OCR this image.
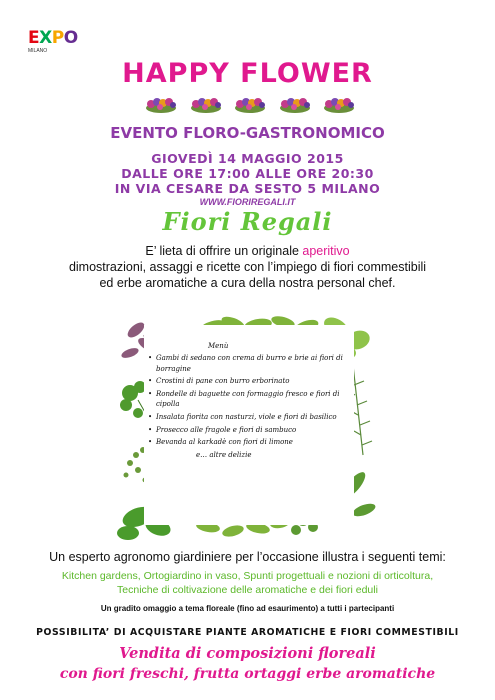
EXPO
MILANO
HAPPY FLOWER
EVENTO FLORO-GASTRONOMICO
GIOVEDÌ 14 MAGGIO 2015
DALLE ORE 17:00 ALLE ORE 20:30
IN VIA CESARE DA SESTO 5 MILANO
WWW.FIORIREGALI.IT
Fiori Regali
E’ lieta di offrire un originale aperitivo
dimostrazioni, assaggi e ricette con l’impiego di fiori commestibili
ed erbe aromatiche a cura della nostra personal chef.
Menù
• Gambi di sedano con crema di burro e brie ai fiori di borragine
• Crostini di pane con burro erborinato
• Rondelle di baguette con formaggio fresco e fiori di cipolla
• Insalata fiorita con nasturzi, viole e fiori di basilico
• Prosecco alle fragole e fiori di sambuco
• Bevanda al karkadè con fiori di limone
e… altre delizie
Un esperto agronomo giardiniere per l’occasione illustra i seguenti temi:
Kitchen gardens, Ortogiardino in vaso, Spunti progettuali e nozioni di orticoltura,
Tecniche di coltivazione delle aromatiche e dei fiori eduli
Un gradito omaggio a tema floreale (fino ad esaurimento) a tutti i partecipanti
POSSIBILITA’ DI ACQUISTARE PIANTE AROMATICHE E FIORI COMMESTIBILI
Vendita di composizioni floreali
con fiori freschi, frutta ortaggi erbe aromatiche
